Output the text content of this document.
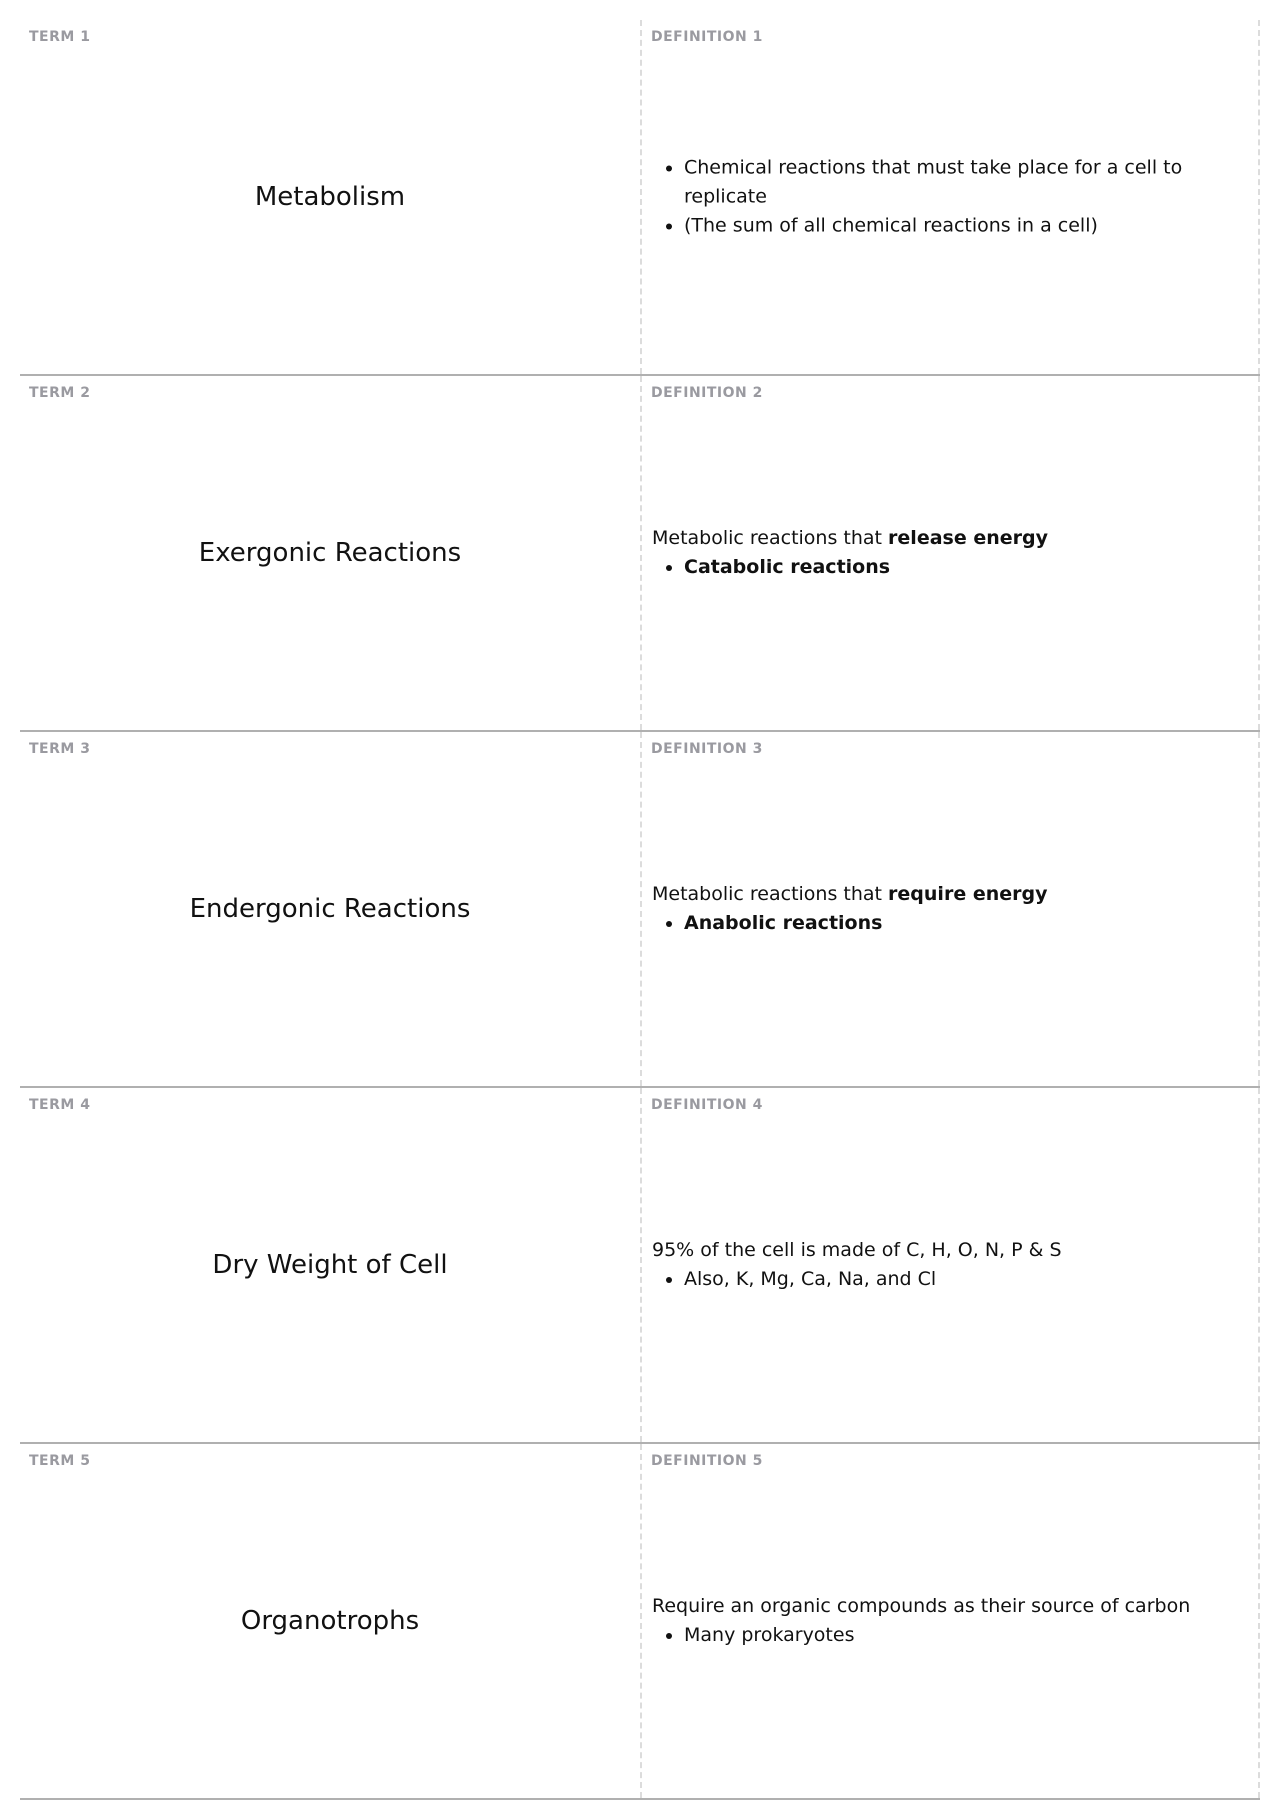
TERM 1
Metabolism
DEFINITION 1
• Chemical reactions that must take place for a cell to replicate
• (The sum of all chemical reactions in a cell)
TERM 2
Exergonic Reactions
DEFINITION 2

Metabolic reactions that release energy

• Catabolic reactions
TERM 3
Endergonic Reactions
DEFINITION 3

Metabolic reactions that require energy

• Anabolic reactions
TERM 4
Dry Weight of Cell
DEFINITION 4

95% of the cell is made of C, H, O, N, P & S

• Also, K, Mg, Ca, Na, and Cl
TERM 5
Organotrophs
DEFINITION 5

Require an organic compounds as their source of carbon

• Many prokaryotes
